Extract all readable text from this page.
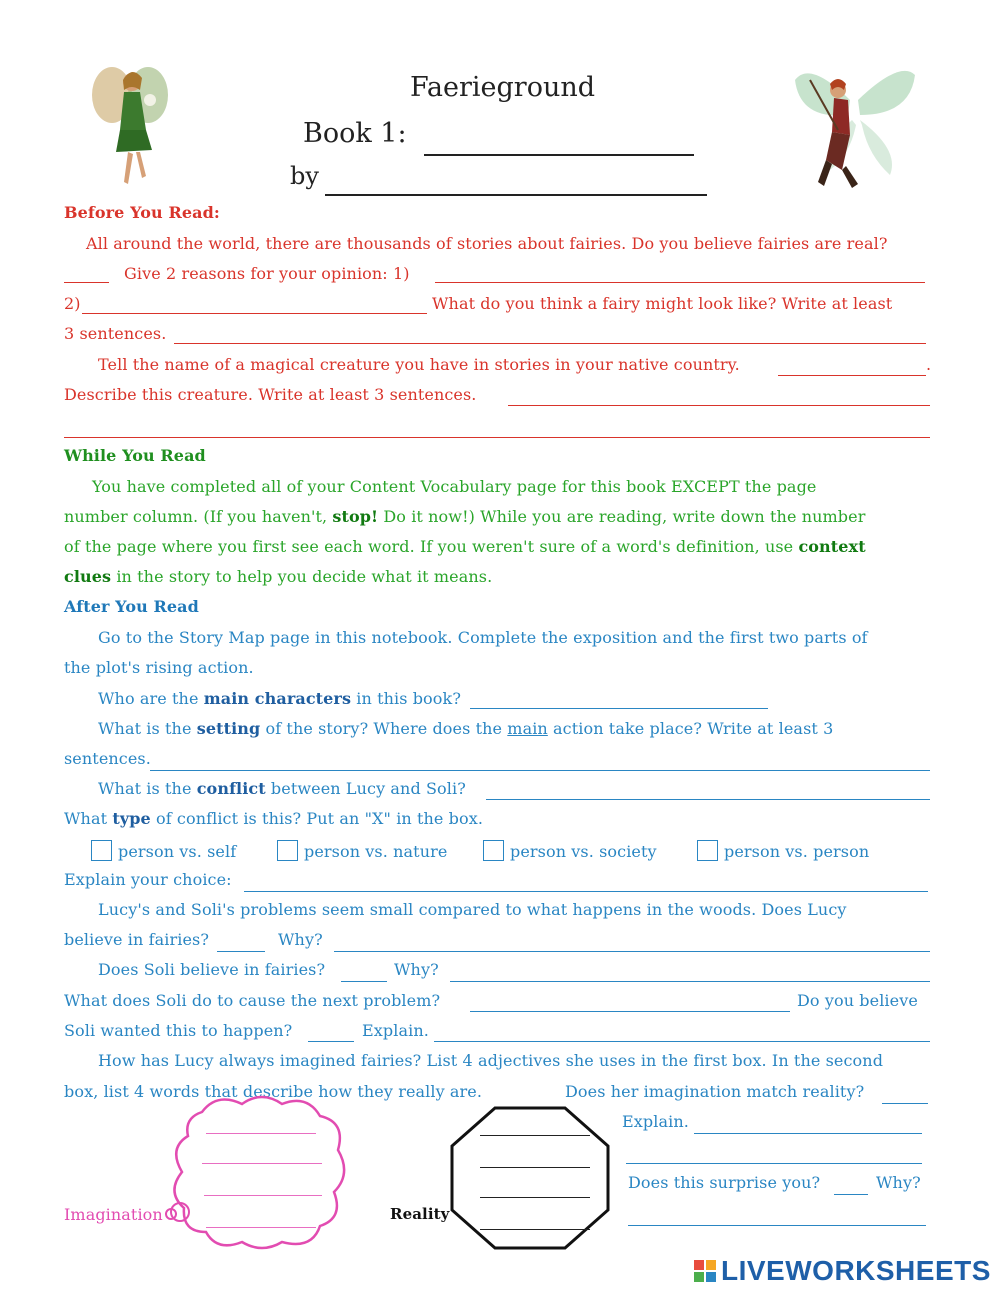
Faerieground
Book 1:
by
Before You Read:
All around the world, there are thousands of stories about fairies. Do you believe fairies are real?
Give 2 reasons for your opinion: 1)
2)	What do you think a fairy might look like? Write at least
3 sentences.
Tell the name of a magical creature you have in stories in your native country.	.
Describe this creature. Write at least 3 sentences.
While You Read
You have completed all of your Content Vocabulary page for this book EXCEPT the page
number column. (If you haven't, stop! Do it now!) While you are reading, write down the number
of the page where you first see each word. If you weren't sure of a word's definition, use context
clues in the story to help you decide what it means.
After You Read
Go to the Story Map page in this notebook. Complete the exposition and the first two parts of
the plot's rising action.
Who are the main characters in this book?
What is the setting of the story? Where does the main action take place? Write at least 3
sentences.
What is the conflict between Lucy and Soli?
What type of conflict is this? Put an "X" in the box.
person vs. self	person vs. nature	person vs. society	person vs. person
Explain your choice:
Lucy's and Soli's problems seem small compared to what happens in the woods. Does Lucy
believe in fairies?	Why?
Does Soli believe in fairies?	Why?
What does Soli do to cause the next problem?	Do you believe
Soli wanted this to happen?	Explain.
How has Lucy always imagined fairies? List 4 adjectives she uses in the first box. In the second
box, list 4 words that describe how they really are.	Does her imagination match reality?
Explain.
Does this surprise you?	Why?
Imagination	Reality
LIVEWORKSHEETS
